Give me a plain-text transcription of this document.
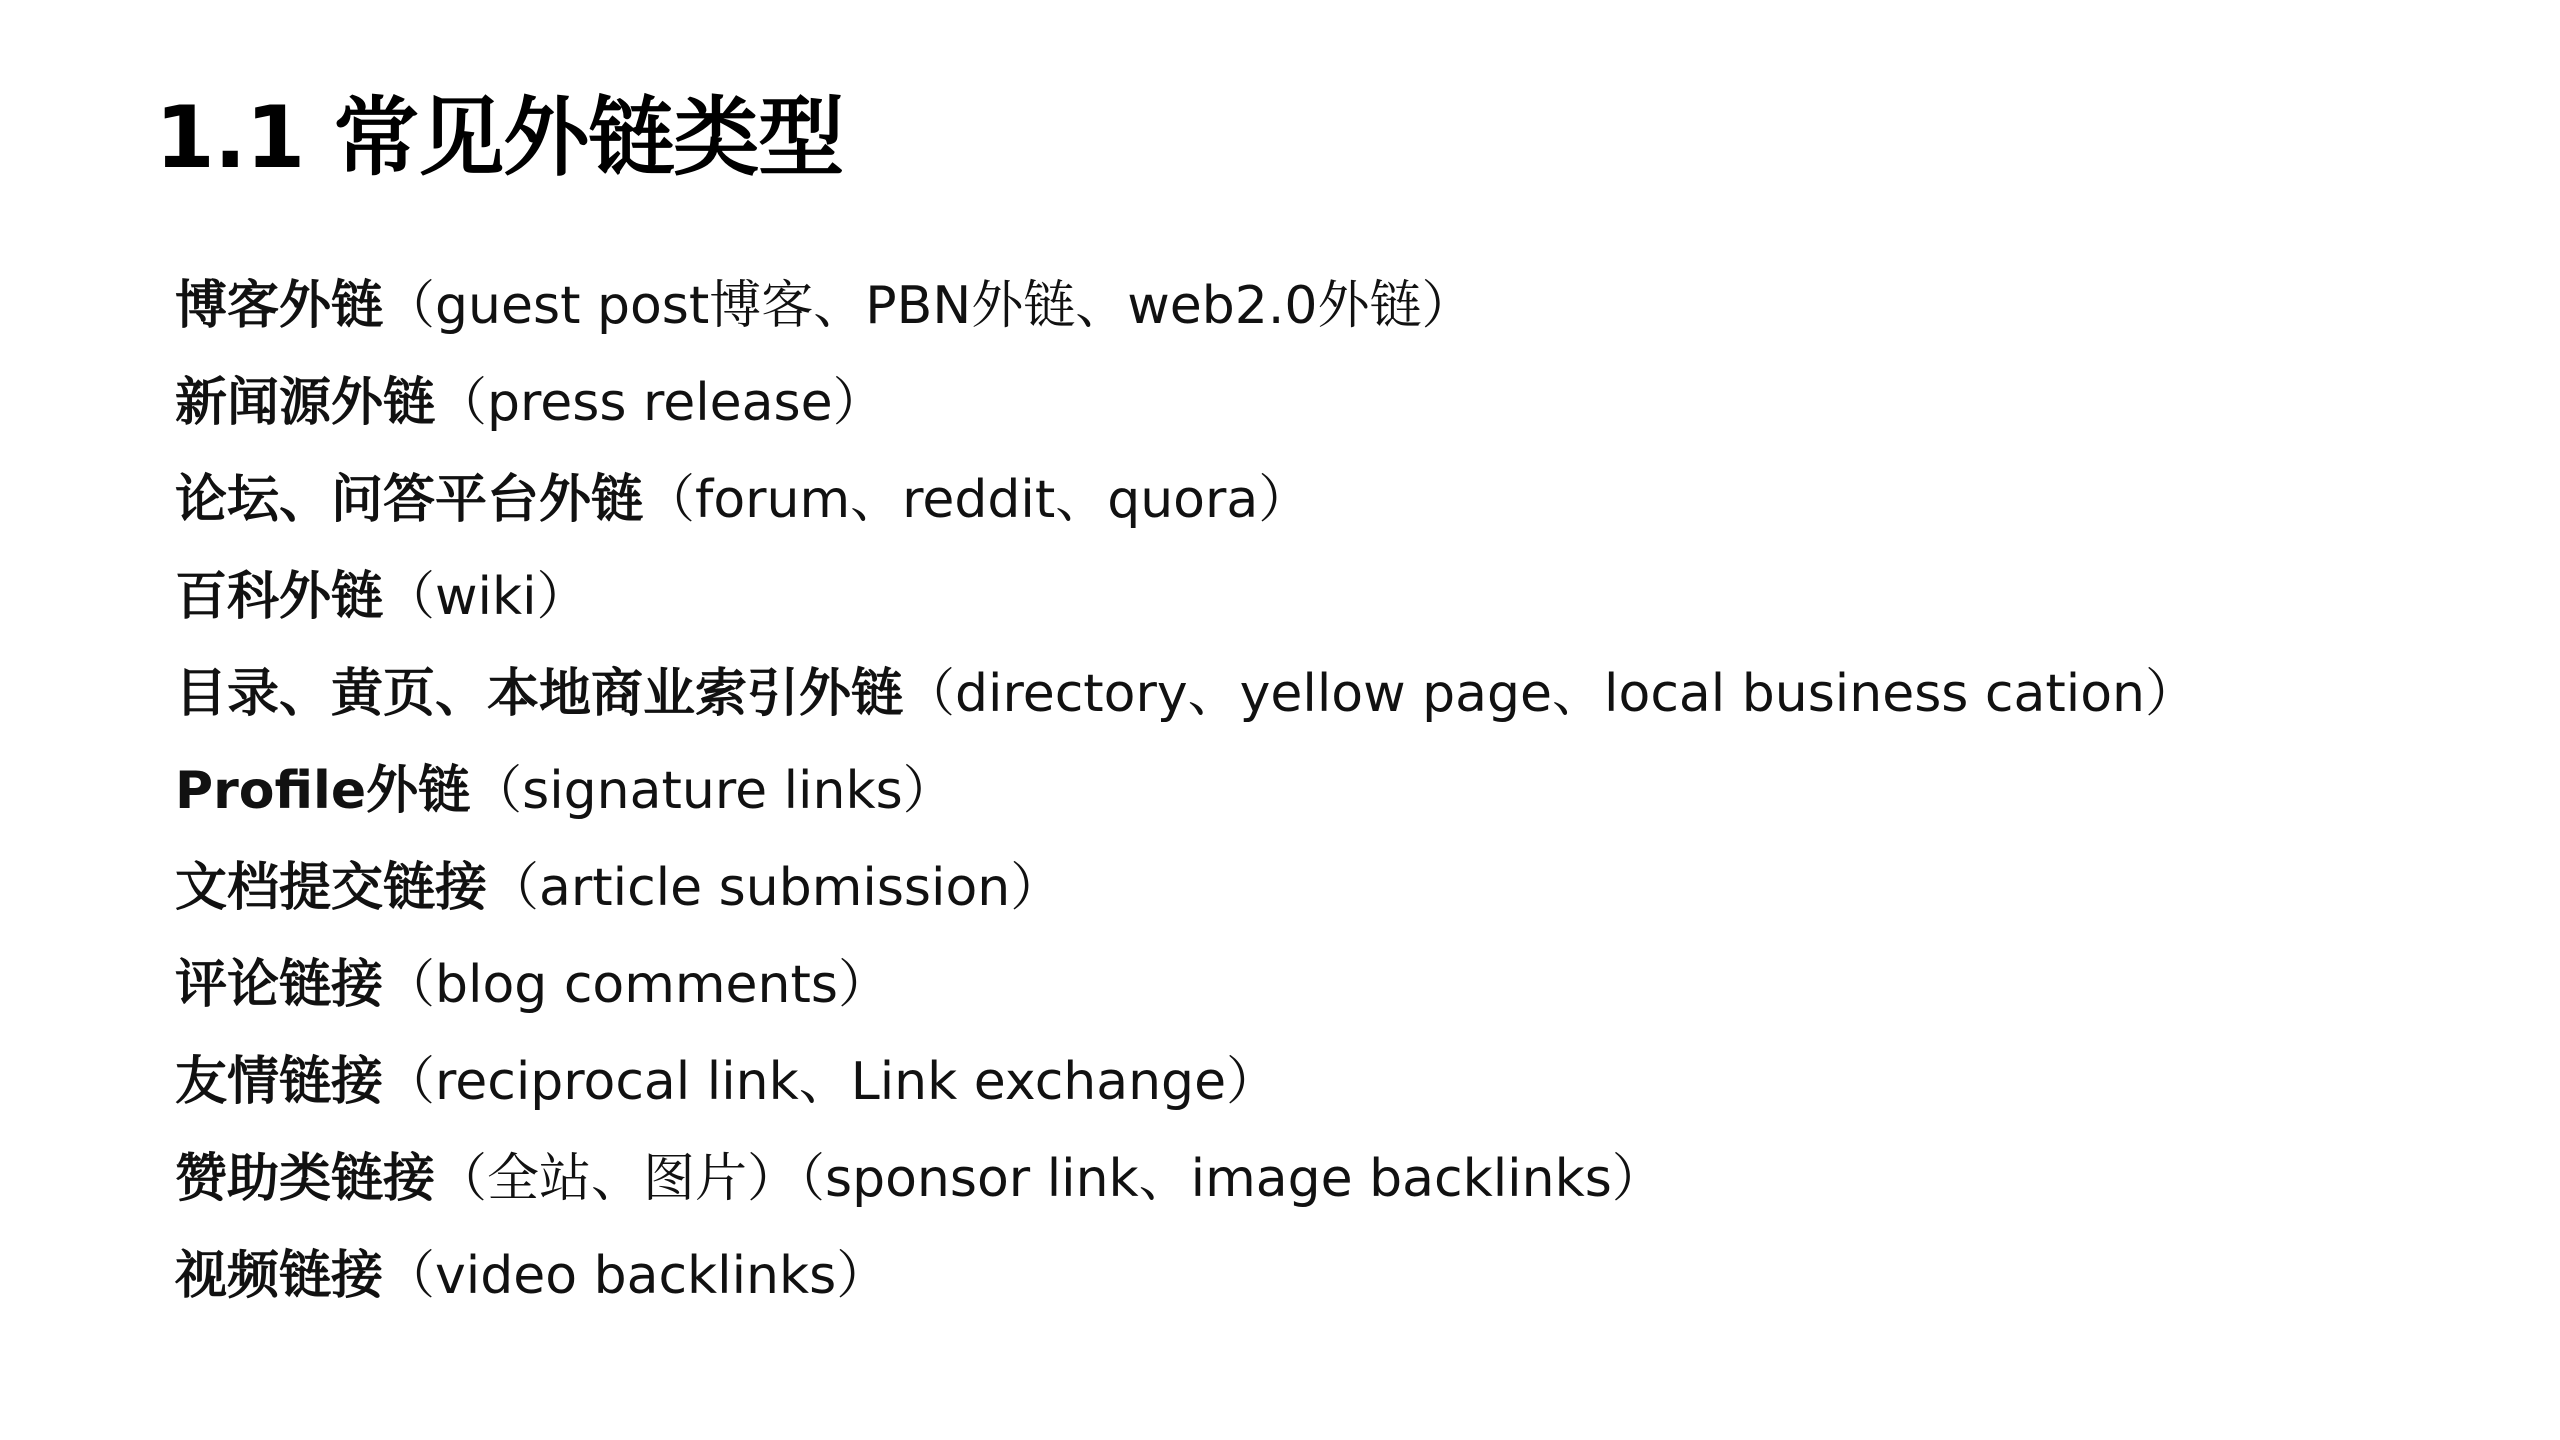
1.1 常见外链类型
博客外链（guest post博客、PBN外链、web2.0外链）
新闻源外链（press release）
论坛、问答平台外链（forum、reddit、quora）
百科外链（wiki）
目录、黄页、本地商业索引外链（directory、yellow page、local business cation）
Profile外链（signature links）
文档提交链接（article submission）
评论链接（blog comments）
友情链接（reciprocal link、Link exchange）
赞助类链接（全站、图片）（sponsor link、image backlinks）
视频链接（video backlinks）
